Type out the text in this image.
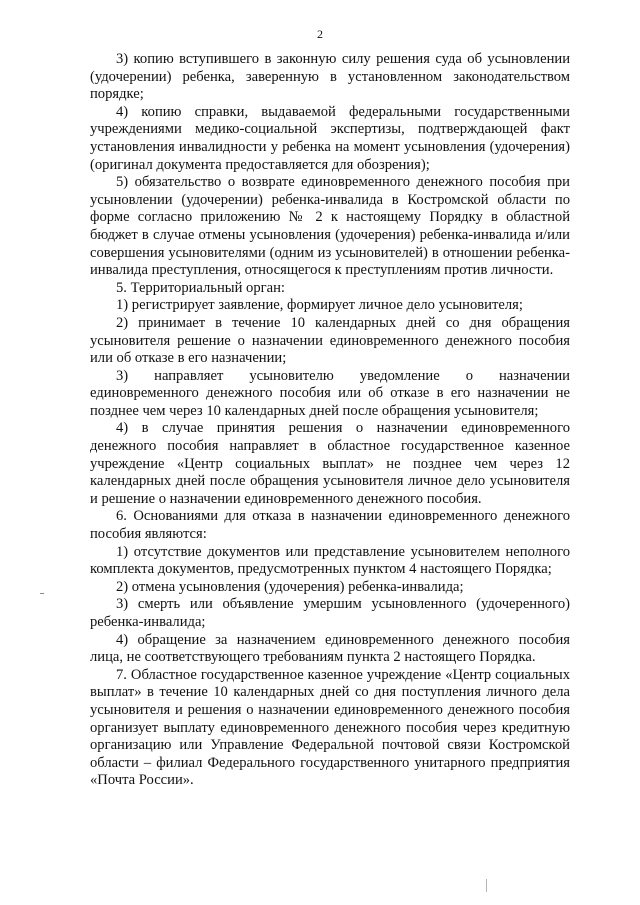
2

3) копию вступившего в законную силу решения суда об усыновлении (удочерении) ребенка, заверенную в установленном законодательством порядке;

4) копию справки, выдаваемой федеральными государственными учреждениями медико-социальной экспертизы, подтверждающей факт установления инвалидности у ребенка на момент усыновления (удочерения) (оригинал документа предоставляется для обозрения);

5) обязательство о возврате единовременного денежного пособия при усыновлении (удочерении) ребенка-инвалида в Костромской области по форме согласно приложению № 2 к настоящему Порядку в областной бюджет в случае отмены усыновления (удочерения) ребенка-инвалида и/или совершения усыновителями (одним из усыновителей) в отношении ребенка-инвалида преступления, относящегося к преступлениям против личности.

5. Территориальный орган:

1) регистрирует заявление, формирует личное дело усыновителя;

2) принимает в течение 10 календарных дней со дня обращения усыновителя решение о назначении единовременного денежного пособия или об отказе в его назначении;

3) направляет усыновителю уведомление о назначении единовременного денежного пособия или об отказе в его назначении не позднее чем через 10 календарных дней после обращения усыновителя;

4) в случае принятия решения о назначении единовременного денежного пособия направляет в областное государственное казенное учреждение «Центр социальных выплат» не позднее чем через 12 календарных дней после обращения усыновителя личное дело усыновителя и решение о назначении единовременного денежного пособия.

6. Основаниями для отказа в назначении единовременного денежного пособия являются:

1) отсутствие документов или представление усыновителем неполного комплекта документов, предусмотренных пунктом 4 настоящего Порядка;

2) отмена усыновления (удочерения) ребенка-инвалида;

3) смерть или объявление умершим усыновленного (удочеренного) ребенка-инвалида;

4) обращение за назначением единовременного денежного пособия лица, не соответствующего требованиям пункта 2 настоящего Порядка.

7. Областное государственное казенное учреждение «Центр социальных выплат» в течение 10 календарных дней со дня поступления личного дела усыновителя и решения о назначении единовременного денежного пособия организует выплату единовременного денежного пособия через кредитную организацию или Управление Федеральной почтовой связи Костромской области – филиал Федерального государственного унитарного предприятия «Почта России».
